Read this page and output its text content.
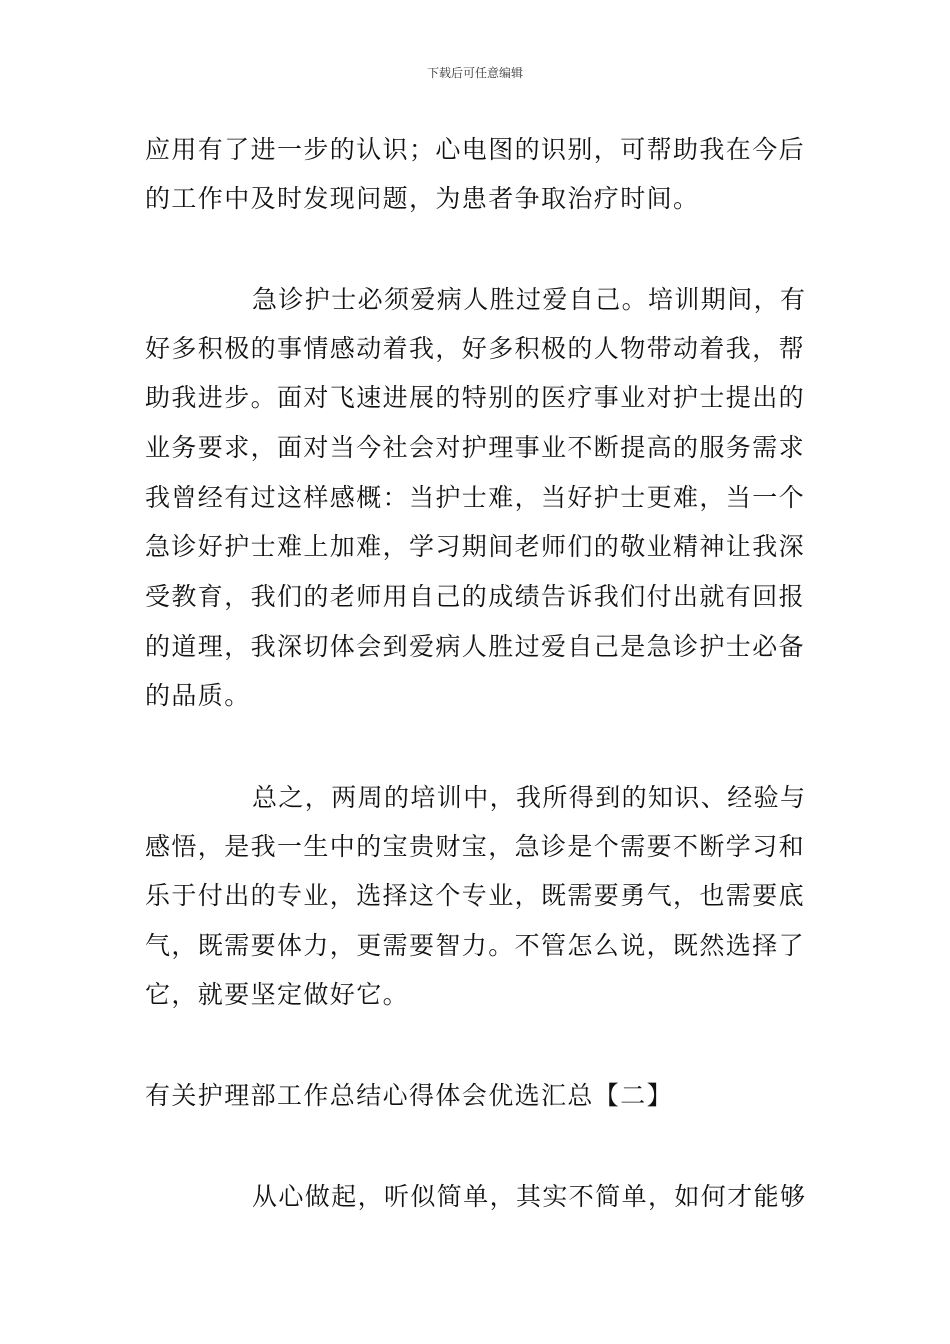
下载后可任意编辑
应用有了进一步的认识；心电图的识别，可帮助我在今后
的工作中及时发现问题，为患者争取治疗时间。
急诊护士必须爱病人胜过爱自己。培训期间，有
好多积极的事情感动着我，好多积极的人物带动着我，帮
助我进步。面对飞速进展的特别的医疗事业对护士提出的
业务要求，面对当今社会对护理事业不断提高的服务需求
我曾经有过这样感概：当护士难，当好护士更难，当一个
急诊好护士难上加难，学习期间老师们的敬业精神让我深
受教育，我们的老师用自己的成绩告诉我们付出就有回报
的道理，我深切体会到爱病人胜过爱自己是急诊护士必备
的品质。
总之，两周的培训中，我所得到的知识、经验与
感悟，是我一生中的宝贵财宝，急诊是个需要不断学习和
乐于付出的专业，选择这个专业，既需要勇气，也需要底
气，既需要体力，更需要智力。不管怎么说，既然选择了
它，就要坚定做好它。
有关护理部工作总结心得体会优选汇总【二】
从心做起，听似简单，其实不简单，如何才能够
